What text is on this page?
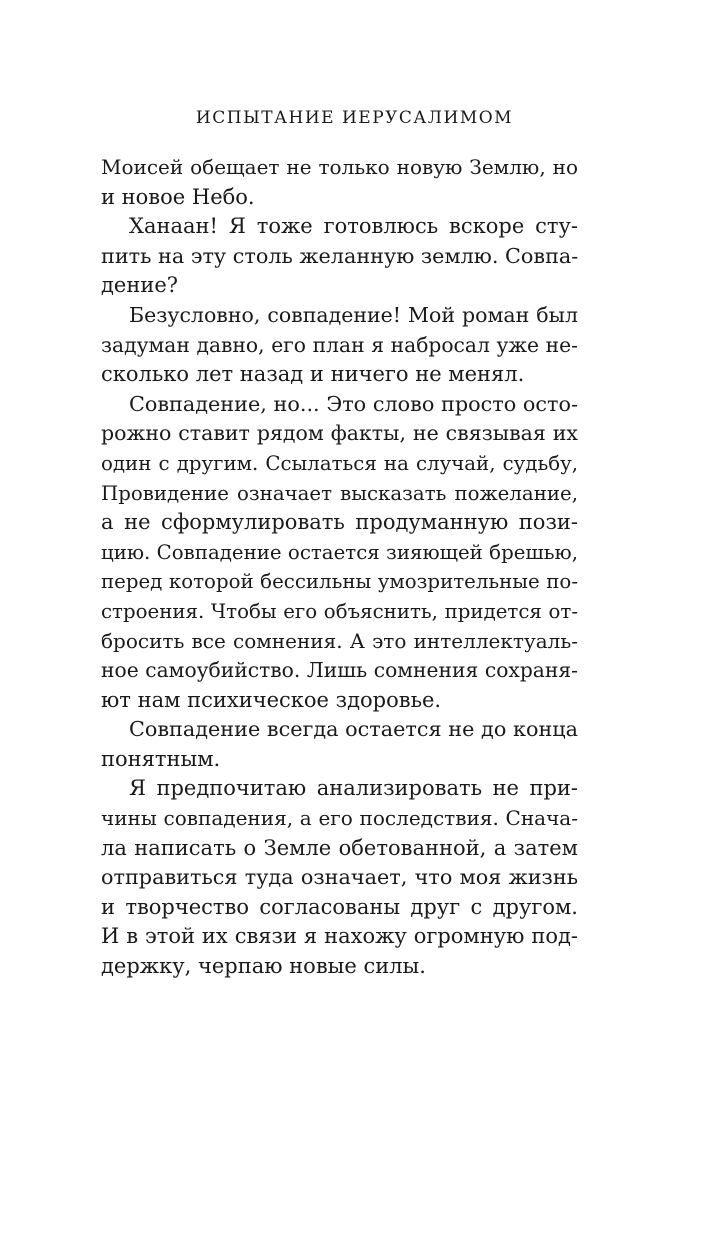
ИСПЫТАНИЕ ИЕРУСАЛИМОМ
Моисей обещает не только новую Землю, но
и новое Небо.
Ханаан! Я тоже готовлюсь вскоре сту-
пить на эту столь желанную землю. Совпа-
дение?
Безусловно, совпадение! Мой роман был
задуман давно, его план я набросал уже не-
сколько лет назад и ничего не менял.
Совпадение, но... Это слово просто осто-
рожно ставит рядом факты, не связывая их
один с другим. Ссылаться на случай, судьбу,
Провидение означает высказать пожелание,
а не сформулировать продуманную пози-
цию. Совпадение остается зияющей брешью,
перед которой бессильны умозрительные по-
строения. Чтобы его объяснить, придется от-
бросить все сомнения. А это интеллектуаль-
ное самоубийство. Лишь сомнения сохраня-
ют нам психическое здоровье.
Совпадение всегда остается не до конца
понятным.
Я предпочитаю анализировать не при-
чины совпадения, а его последствия. Снача-
ла написать о Земле обетованной, а затем
отправиться туда означает, что моя жизнь
и творчество согласованы друг с другом.
И в этой их связи я нахожу огромную под-
держку, черпаю новые силы.
